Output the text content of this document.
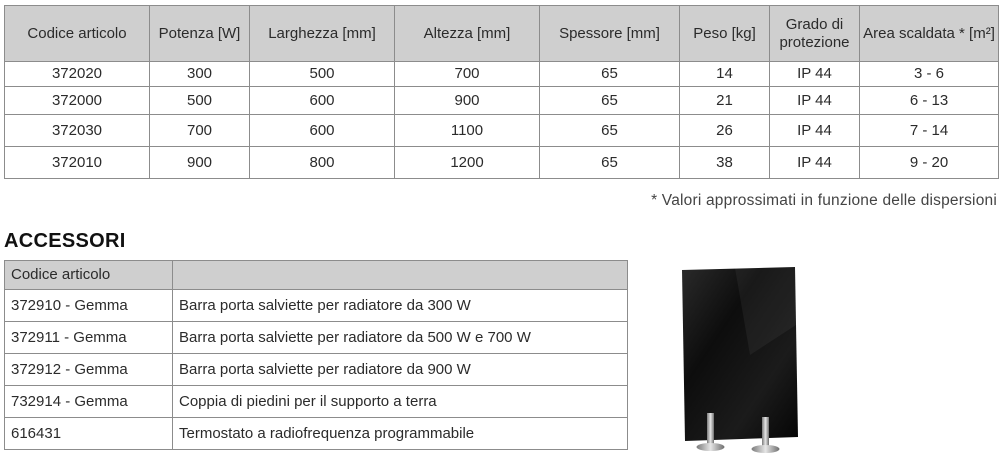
Codice articolo	Potenza [W]	Larghezza [mm]	Altezza [mm]	Spessore [mm]	Peso [kg]	Grado di protezione	Area scaldata * [m²]
372020	300	500	700	65	14	IP 44	3 - 6
372000	500	600	900	65	21	IP 44	6 - 13
372030	700	600	1100	65	26	IP 44	7 - 14
372010	900	800	1200	65	38	IP 44	9 - 20
* Valori approssimati in funzione delle dispersioni
ACCESSORI
Codice articolo	
372910 - Gemma	Barra porta salviette per radiatore da 300 W
372911 - Gemma	Barra porta salviette per radiatore da 500 W e 700 W
372912 - Gemma	Barra porta salviette per radiatore da 900 W
732914 - Gemma	Coppia di piedini per il supporto a terra
616431	Termostato a radiofrequenza programmabile
